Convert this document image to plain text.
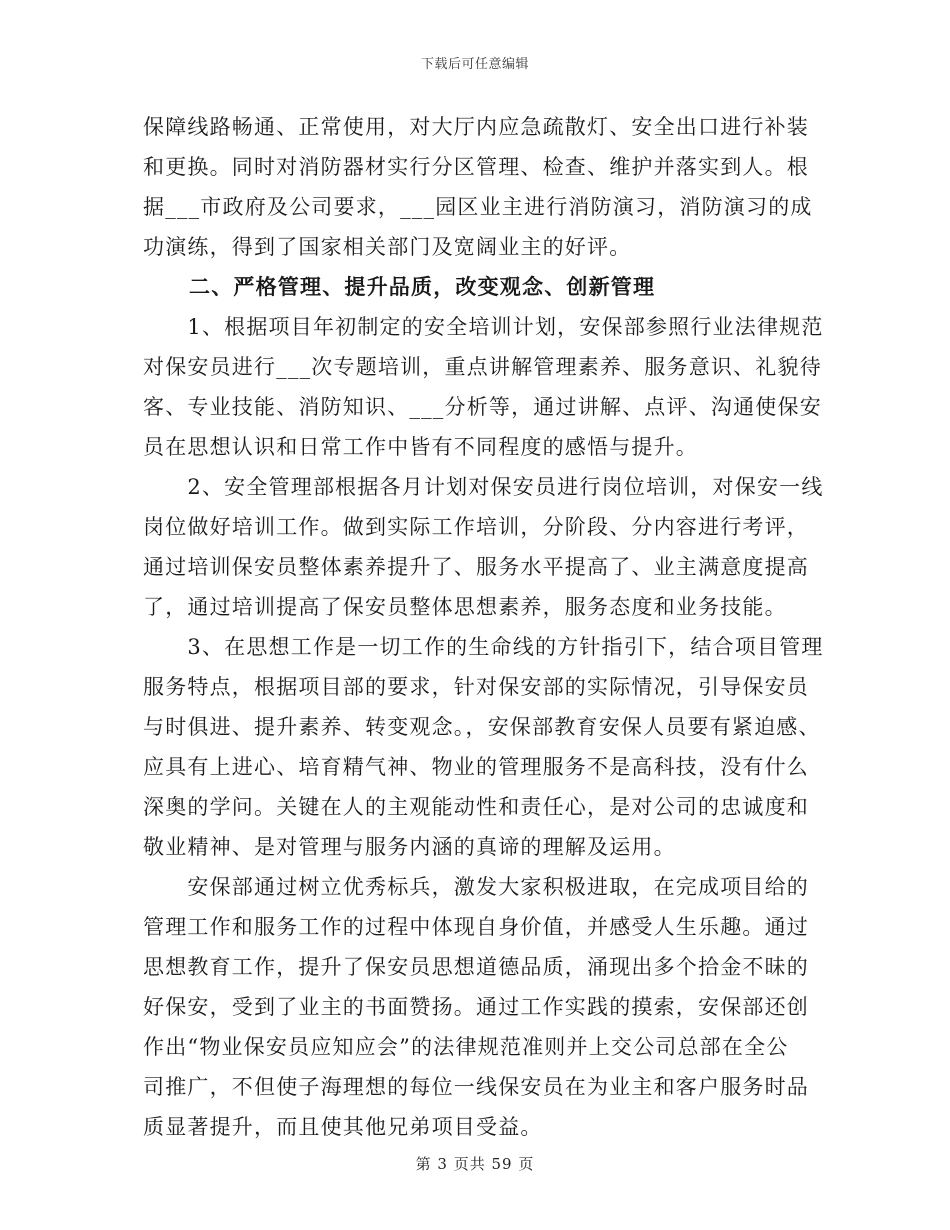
下载后可任意编辑

保障线路畅通、正常使用，对大厅内应急疏散灯、安全出口进行补装
和更换。同时对消防器材实行分区管理、检查、维护并落实到人。根
据___市政府及公司要求，___园区业主进行消防演习，消防演习的成
功演练，得到了国家相关部门及宽阔业主的好评。

二、严格管理、提升品质，改变观念、创新管理

　　1、根据项目年初制定的安全培训计划，安保部参照行业法律规范
对保安员进行___次专题培训，重点讲解管理素养、服务意识、礼貌待
客、专业技能、消防知识、___分析等，通过讲解、点评、沟通使保安
员在思想认识和日常工作中皆有不同程度的感悟与提升。

　　2、安全管理部根据各月计划对保安员进行岗位培训，对保安一线
岗位做好培训工作。做到实际工作培训，分阶段、分内容进行考评，
通过培训保安员整体素养提升了、服务水平提高了、业主满意度提高
了，通过培训提高了保安员整体思想素养，服务态度和业务技能。

　　3、在思想工作是一切工作的生命线的方针指引下，结合项目管理
服务特点，根据项目部的要求，针对保安部的实际情况，引导保安员
与时俱进、提升素养、转变观念。，安保部教育安保人员要有紧迫感、
应具有上进心、培育精气神、物业的管理服务不是高科技，没有什么
深奥的学问。关键在人的主观能动性和责任心，是对公司的忠诚度和
敬业精神、是对管理与服务内涵的真谛的理解及运用。

　　安保部通过树立优秀标兵，激发大家积极进取，在完成项目给的
管理工作和服务工作的过程中体现自身价值，并感受人生乐趣。通过
思想教育工作，提升了保安员思想道德品质，涌现出多个拾金不昧的
好保安，受到了业主的书面赞扬。通过工作实践的摸索，安保部还创
作出“物业保安员应知应会”的法律规范准则并上交公司总部在全公
司推广，不但使子海理想的每位一线保安员在为业主和客户服务时品
质显著提升，而且使其他兄弟项目受益。

第 3 页共 59 页
